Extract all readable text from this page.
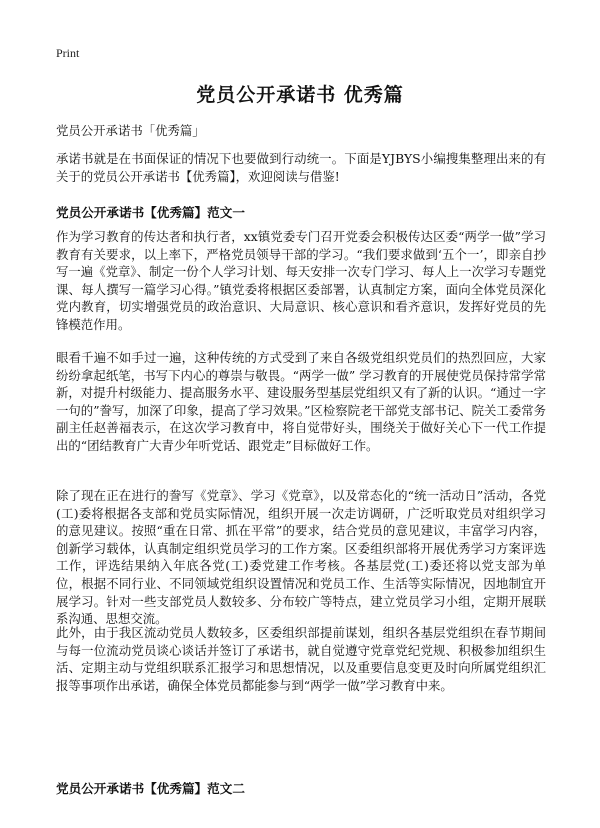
Print
党员公开承诺书 优秀篇
党员公开承诺书「优秀篇」
承诺书就是在书面保证的情况下也要做到行动统一。下面是YJBYS小编搜集整理出来的有关于的党员公开承诺书【优秀篇】，欢迎阅读与借鉴!
党员公开承诺书【优秀篇】范文一
作为学习教育的传达者和执行者，xx镇党委专门召开党委会积极传达区委“两学一做”学习教育有关要求，以上率下，严格党员领导干部的学习。“我们要求做到‘五个一’，即亲自抄写一遍《党章》、制定一份个人学习计划、每天安排一次专门学习、每人上一次学习专题党课、每人撰写一篇学习心得。”镇党委将根据区委部署，认真制定方案，面向全体党员深化党内教育，切实增强党员的政治意识、大局意识、核心意识和看齐意识，发挥好党员的先锋模范作用。
眼看千遍不如手过一遍，这种传统的方式受到了来自各级党组织党员们的热烈回应，大家纷纷拿起纸笔，书写下内心的尊崇与敬畏。“两学一做” 学习教育的开展使党员保持常学常新，对提升村级能力、提高服务水平、建设服务型基层党组织又有了新的认识。“通过一字一句的”誊写，加深了印象，提高了学习效果。”区检察院老干部党支部书记、院关工委常务副主任赵善福表示，在这次学习教育中，将自觉带好头，围绕关于做好关心下一代工作提出的“团结教育广大青少年听党话、跟党走”目标做好工作。
除了现在正在进行的誊写《党章》、学习《党章》，以及常态化的“统一活动日”活动，各党(工)委将根据各支部和党员实际情况，组织开展一次走访调研，广泛听取党员对组织学习的意见建议。按照“重在日常、抓在平常”的要求，结合党员的意见建议，丰富学习内容，创新学习载体，认真制定组织党员学习的工作方案。区委组织部将开展优秀学习方案评选工作，评选结果纳入年底各党(工)委党建工作考核。各基层党(工)委还将以党支部为单位，根据不同行业、不同领域党组织设置情况和党员工作、生活等实际情况，因地制宜开展学习。针对一些支部党员人数较多、分布较广等特点，建立党员学习小组，定期开展联系沟通、思想交流。
此外，由于我区流动党员人数较多，区委组织部提前谋划，组织各基层党组织在春节期间与每一位流动党员谈心谈话并签订了承诺书，就自觉遵守党章党纪党规、积极参加组织生活、定期主动与党组织联系汇报学习和思想情况，以及重要信息变更及时向所属党组织汇报等事项作出承诺，确保全体党员都能参与到“两学一做”学习教育中来。
党员公开承诺书【优秀篇】范文二
